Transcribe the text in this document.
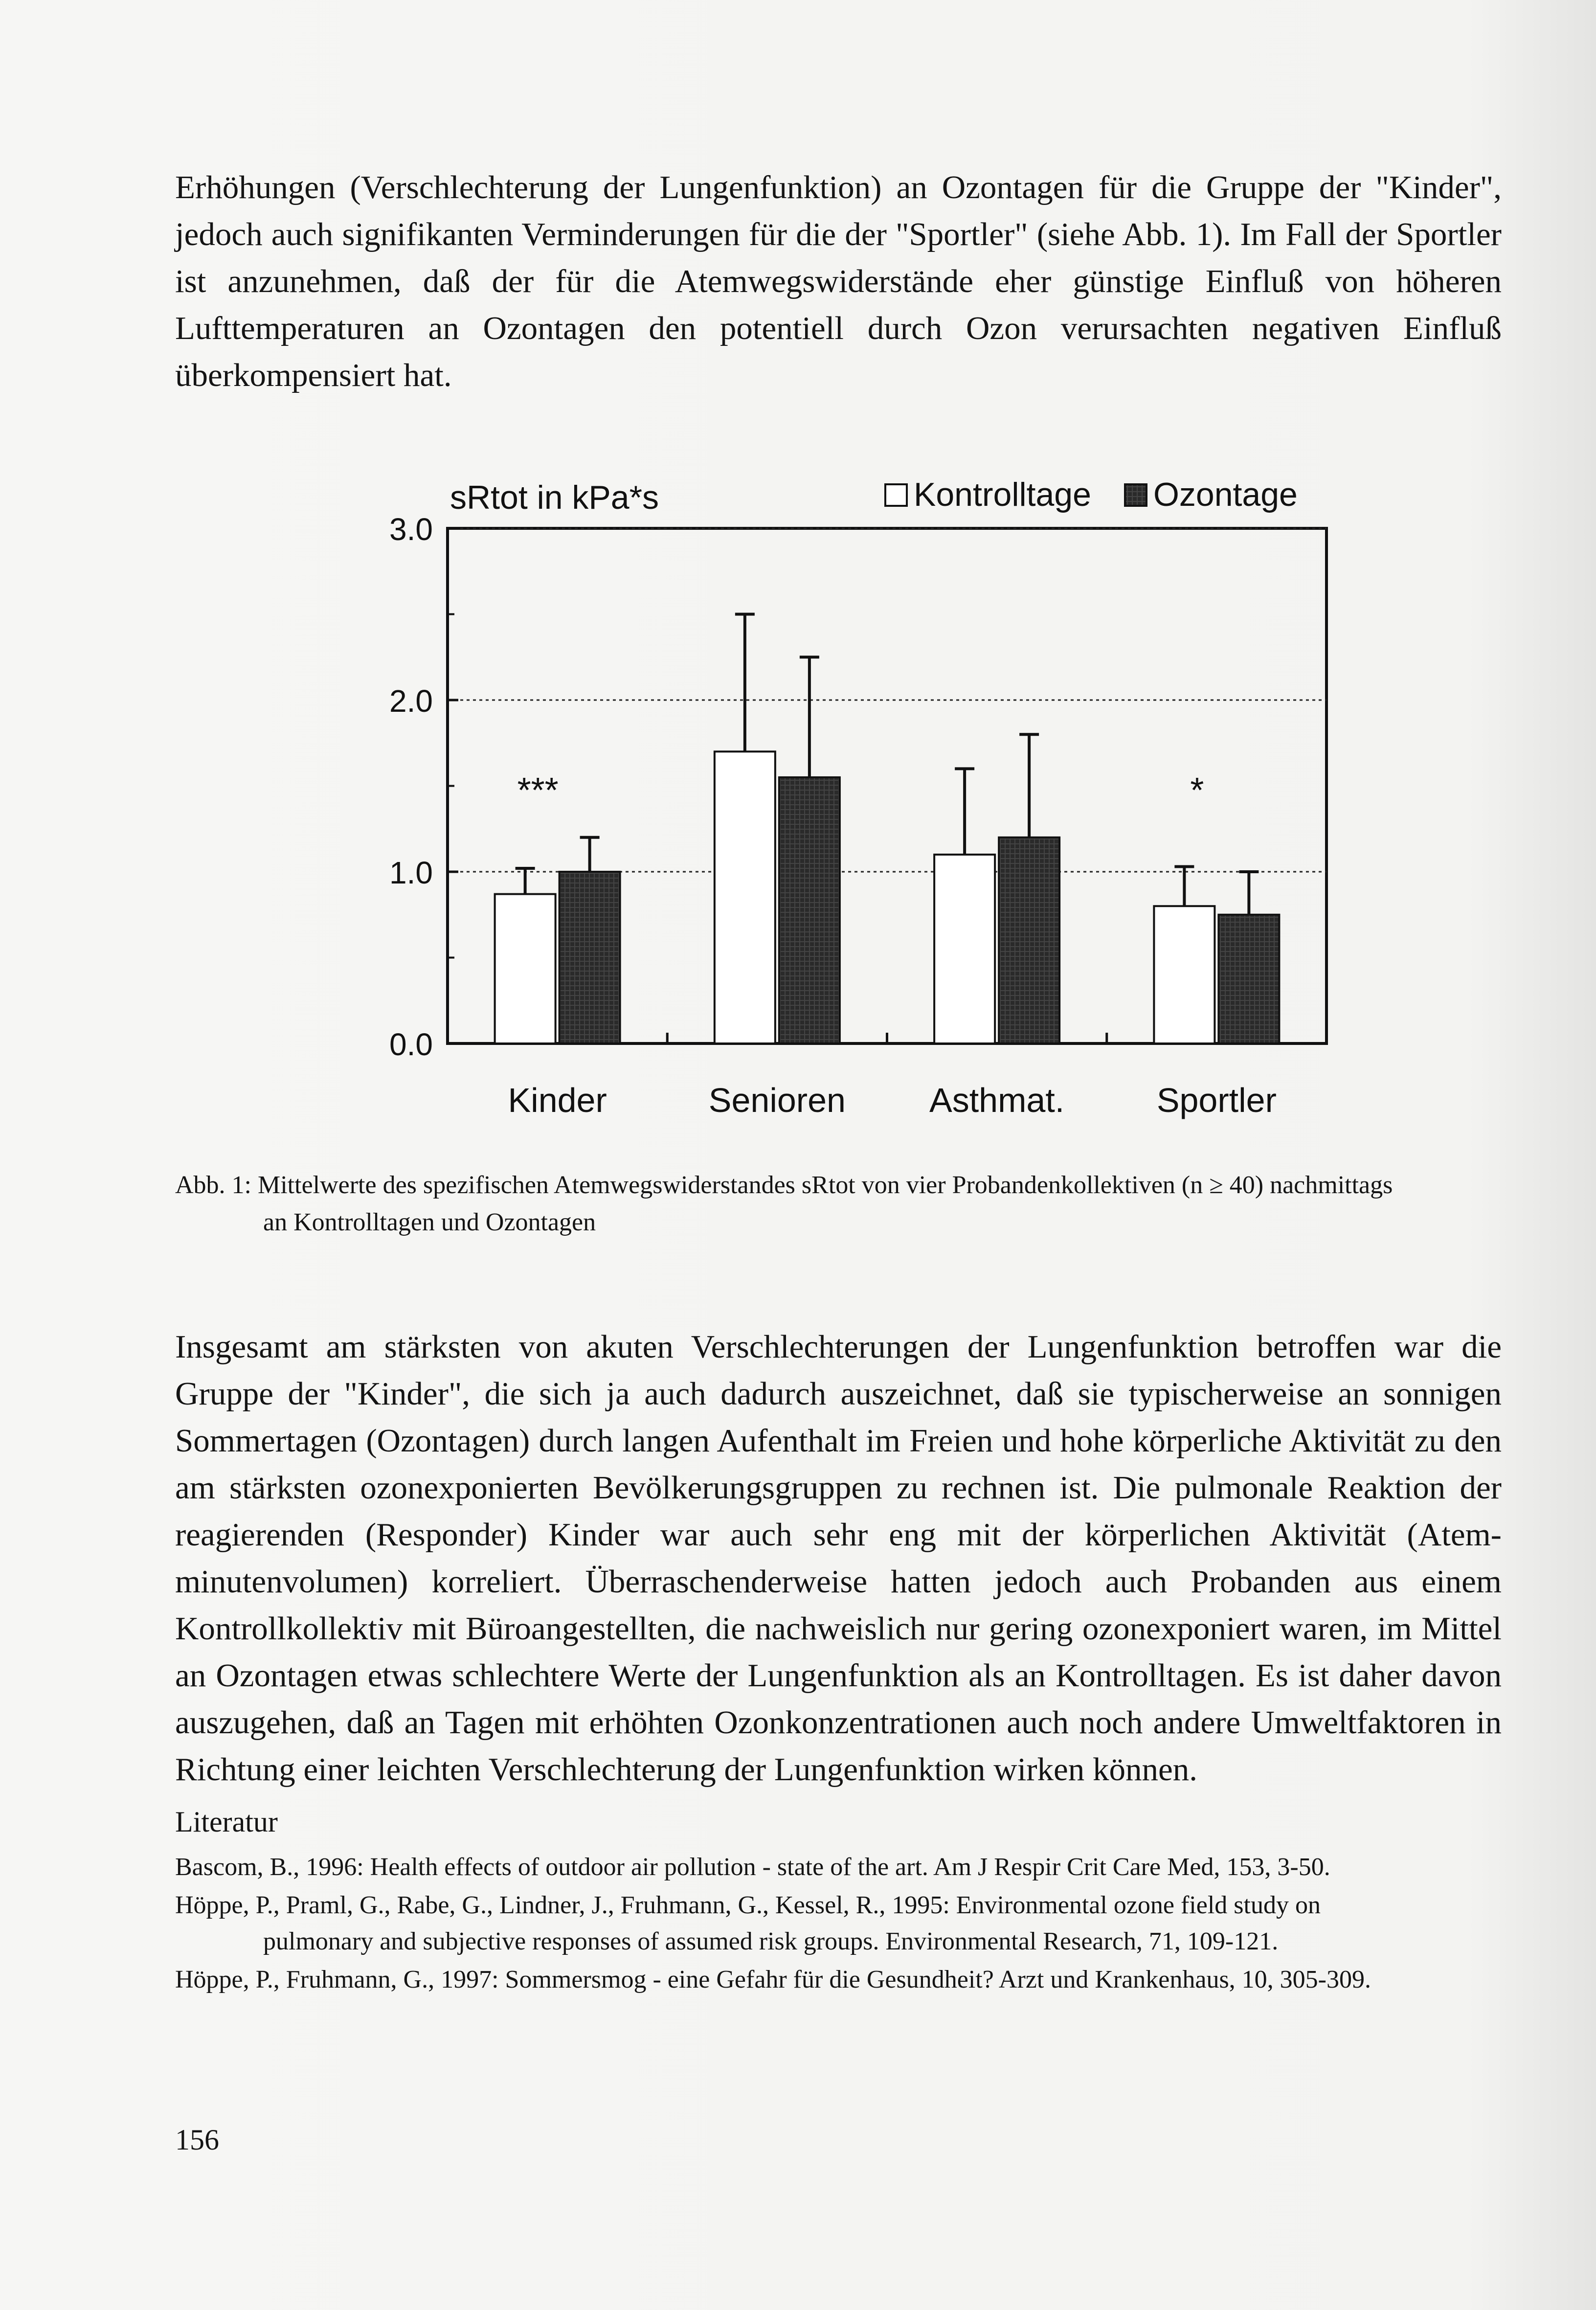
Erhöhungen (Verschlechterung der Lungenfunktion) an Ozontagen für die Gruppe der "Kinder", jedoch auch signifikanten Verminderungen für die der "Sportler" (siehe Abb. 1). Im Fall der Sportler ist anzunehmen, daß der für die Atemwegswiderstände eher günstige Einfluß von höheren Lufttemperaturen an Ozontagen den potentiell durch Ozon verursachten negativen Einfluß überkompensiert hat.

0.0
1.0
2.0
3.0
sRtot in kPa*s	Kontrolltage Ozontage
Kinder	Senioren Asthmat.	Sportler
***	*

Abb. 1: Mittelwerte des spezifischen Atemwegswiderstandes sRtot von vier Probandenkollektiven (n ≥ 40) nachmittags
an Kontrolltagen und Ozontagen

Insgesamt am stärksten von akuten Verschlechterungen der Lungenfunktion betroffen war die Gruppe der "Kinder", die sich ja auch dadurch auszeichnet, daß sie typischerweise an sonnigen Sommertagen (Ozontagen) durch langen Aufenthalt im Freien und hohe körperliche Aktivität zu den am stärksten ozonexponierten Bevölkerungsgruppen zu rechnen ist. Die pulmonale Reaktion der reagierenden (Responder) Kinder war auch sehr eng mit der körperlichen Aktivität (Atem-minutenvolumen) korreliert. Überraschenderweise hatten jedoch auch Probanden aus einem Kontrollkollektiv mit Büroangestellten, die nachweislich nur gering ozonexponiert waren, im Mittel an Ozontagen etwas schlechtere Werte der Lungenfunktion als an Kontrolltagen. Es ist daher davon auszugehen, daß an Tagen mit erhöhten Ozonkonzentrationen auch noch andere Umweltfaktoren in Richtung einer leichten Verschlechterung der Lungenfunktion wirken können.

Literatur

Bascom, B., 1996: Health effects of outdoor air pollution - state of the art. Am J Respir Crit Care Med, 153, 3-50.

Höppe, P., Praml, G., Rabe, G., Lindner, J., Fruhmann, G., Kessel, R., 1995: Environmental ozone field study on
pulmonary and subjective responses of assumed risk groups. Environmental Research, 71, 109-121.

Höppe, P., Fruhmann, G., 1997: Sommersmog - eine Gefahr für die Gesundheit? Arzt und Krankenhaus, 10, 305-309.

156
